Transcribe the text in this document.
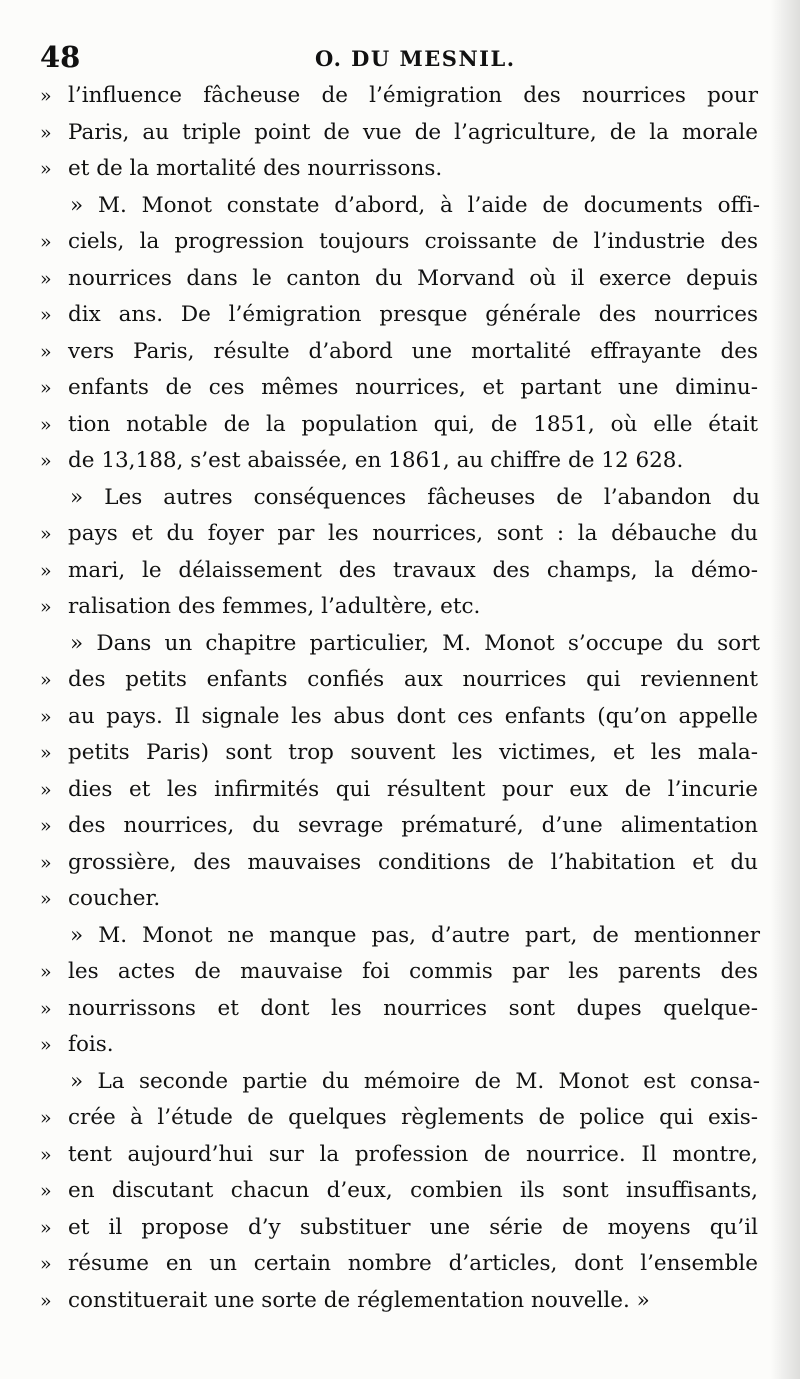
48	O. DU MESNIL.
» l’influence fâcheuse de l’émigration des nourrices pour
» Paris, au triple point de vue de l’agriculture, de la morale
» et de la mortalité des nourrissons.
» M. Monot constate d’abord, à l’aide de documents offi-
» ciels, la progression toujours croissante de l’industrie des
» nourrices dans le canton du Morvand où il exerce depuis
» dix ans. De l’émigration presque générale des nourrices
» vers Paris, résulte d’abord une mortalité effrayante des
» enfants de ces mêmes nourrices, et partant une diminu-
» tion notable de la population qui, de 1851, où elle était
» de 13,188, s’est abaissée, en 1861, au chiffre de 12 628.
» Les autres conséquences fâcheuses de l’abandon du
» pays et du foyer par les nourrices, sont : la débauche du
» mari, le délaissement des travaux des champs, la démo-
» ralisation des femmes, l’adultère, etc.
» Dans un chapitre particulier, M. Monot s’occupe du sort
» des petits enfants confiés aux nourrices qui reviennent
» au pays. Il signale les abus dont ces enfants (qu’on appelle
» petits Paris) sont trop souvent les victimes, et les mala-
» dies et les infirmités qui résultent pour eux de l’incurie
» des nourrices, du sevrage prématuré, d’une alimentation
» grossière, des mauvaises conditions de l’habitation et du
» coucher.
» M. Monot ne manque pas, d’autre part, de mentionner
» les actes de mauvaise foi commis par les parents des
» nourrissons et dont les nourrices sont dupes quelque-
» fois.
» La seconde partie du mémoire de M. Monot est consa-
» crée à l’étude de quelques règlements de police qui exis-
» tent aujourd’hui sur la profession de nourrice. Il montre,
» en discutant chacun d’eux, combien ils sont insuffisants,
» et il propose d’y substituer une série de moyens qu’il
» résume en un certain nombre d’articles, dont l’ensemble
» constituerait une sorte de réglementation nouvelle. »
